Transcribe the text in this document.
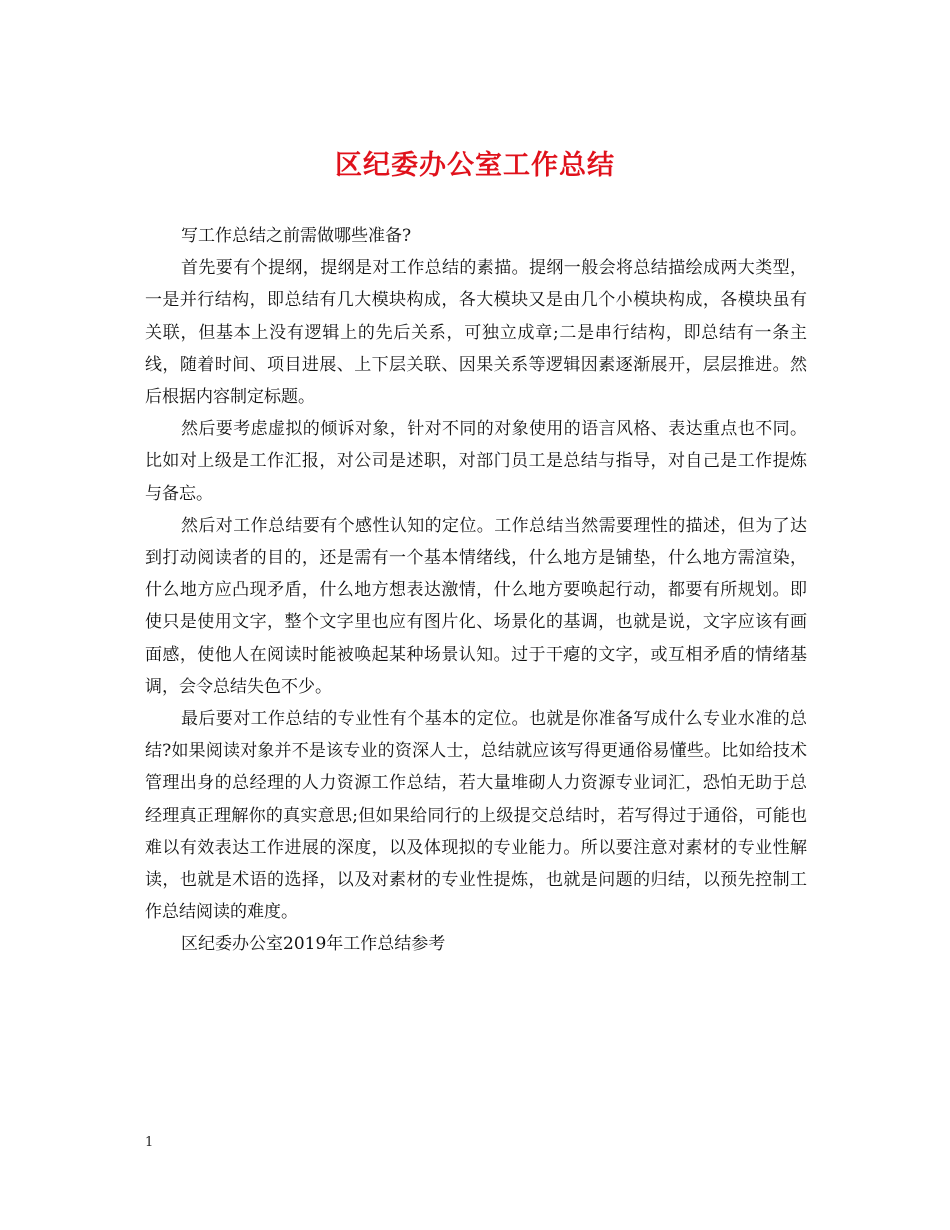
区纪委办公室工作总结

写工作总结之前需做哪些准备?

首先要有个提纲，提纲是对工作总结的素描。提纲一般会将总结描绘成两大类型，一是并行结构，即总结有几大模块构成，各大模块又是由几个小模块构成，各模块虽有关联，但基本上没有逻辑上的先后关系，可独立成章;二是串行结构，即总结有一条主线，随着时间、项目进展、上下层关联、因果关系等逻辑因素逐渐展开，层层推进。然后根据内容制定标题。

然后要考虑虚拟的倾诉对象，针对不同的对象使用的语言风格、表达重点也不同。比如对上级是工作汇报，对公司是述职，对部门员工是总结与指导，对自己是工作提炼与备忘。

然后对工作总结要有个感性认知的定位。工作总结当然需要理性的描述，但为了达到打动阅读者的目的，还是需有一个基本情绪线，什么地方是铺垫，什么地方需渲染，什么地方应凸现矛盾，什么地方想表达激情，什么地方要唤起行动，都要有所规划。即使只是使用文字，整个文字里也应有图片化、场景化的基调，也就是说，文字应该有画面感，使他人在阅读时能被唤起某种场景认知。过于干瘪的文字，或互相矛盾的情绪基调，会令总结失色不少。

最后要对工作总结的专业性有个基本的定位。也就是你准备写成什么专业水准的总结?如果阅读对象并不是该专业的资深人士，总结就应该写得更通俗易懂些。比如给技术管理出身的总经理的人力资源工作总结，若大量堆砌人力资源专业词汇，恐怕无助于总经理真正理解你的真实意思;但如果给同行的上级提交总结时，若写得过于通俗，可能也难以有效表达工作进展的深度，以及体现拟的专业能力。所以要注意对素材的专业性解读，也就是术语的选择，以及对素材的专业性提炼，也就是问题的归结，以预先控制工作总结阅读的难度。

区纪委办公室2019年工作总结参考

1
